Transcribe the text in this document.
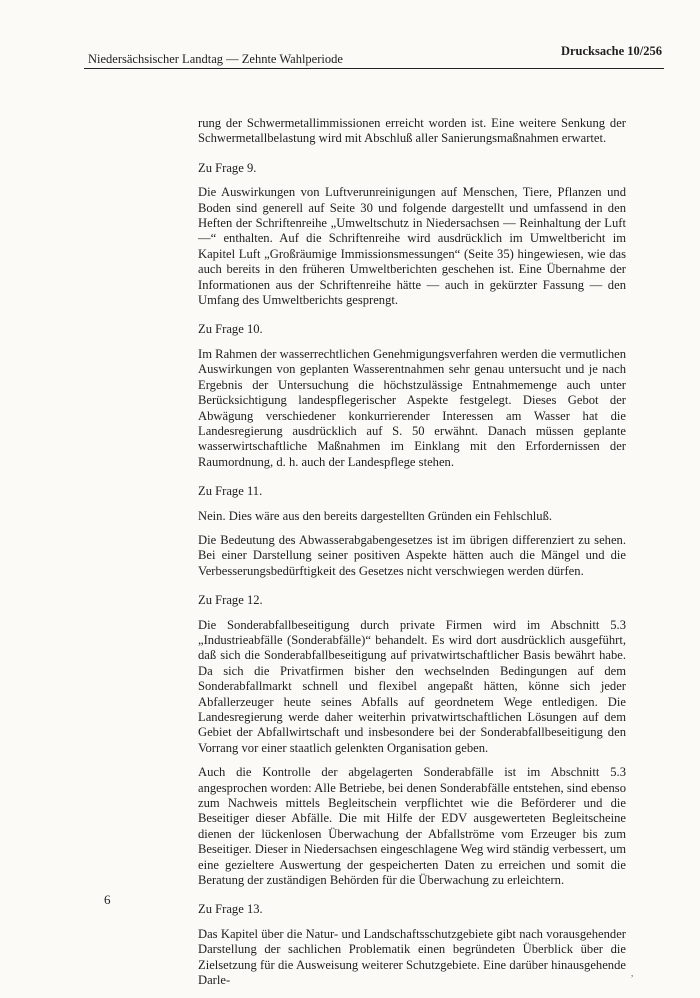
Niedersächsischer Landtag — Zehnte Wahlperiode
Drucksache 10/256

rung der Schwermetallimmissionen erreicht worden ist. Eine weitere Senkung der Schwermetallbelastung wird mit Abschluß aller Sanierungsmaßnahmen erwartet.

Zu Frage 9.

Die Auswirkungen von Luftverunreinigungen auf Menschen, Tiere, Pflanzen und Boden sind generell auf Seite 30 und folgende dargestellt und umfassend in den Heften der Schriftenreihe „Umweltschutz in Niedersachsen — Reinhaltung der Luft —“ enthalten. Auf die Schriftenreihe wird ausdrücklich im Umweltbericht im Kapitel Luft „Großräumige Immissionsmessungen“ (Seite 35) hingewiesen, wie das auch bereits in den früheren Umweltberichten geschehen ist. Eine Übernahme der Informationen aus der Schriftenreihe hätte — auch in gekürzter Fassung — den Umfang des Umweltberichts gesprengt.

Zu Frage 10.

Im Rahmen der wasserrechtlichen Genehmigungsverfahren werden die vermutlichen Auswirkungen von geplanten Wasserentnahmen sehr genau untersucht und je nach Ergebnis der Untersuchung die höchstzulässige Entnahmemenge auch unter Berücksichtigung landespflegerischer Aspekte festgelegt. Dieses Gebot der Abwägung verschiedener konkurrierender Interessen am Wasser hat die Landesregierung ausdrücklich auf S. 50 erwähnt. Danach müssen geplante wasserwirtschaftliche Maßnahmen im Einklang mit den Erfordernissen der Raumordnung, d. h. auch der Landespflege stehen.

Zu Frage 11.

Nein. Dies wäre aus den bereits dargestellten Gründen ein Fehlschluß.

Die Bedeutung des Abwasserabgabengesetzes ist im übrigen differenziert zu sehen. Bei einer Darstellung seiner positiven Aspekte hätten auch die Mängel und die Verbesserungsbedürftigkeit des Gesetzes nicht verschwiegen werden dürfen.

Zu Frage 12.

Die Sonderabfallbeseitigung durch private Firmen wird im Abschnitt 5.3 „Industrieabfälle (Sonderabfälle)“ behandelt. Es wird dort ausdrücklich ausgeführt, daß sich die Sonderabfallbeseitigung auf privatwirtschaftlicher Basis bewährt habe. Da sich die Privatfirmen bisher den wechselnden Bedingungen auf dem Sonderabfallmarkt schnell und flexibel angepaßt hätten, könne sich jeder Abfallerzeuger heute seines Abfalls auf geordnetem Wege entledigen. Die Landesregierung werde daher weiterhin privatwirtschaftlichen Lösungen auf dem Gebiet der Abfallwirtschaft und insbesondere bei der Sonderabfallbeseitigung den Vorrang vor einer staatlich gelenkten Organisation geben.

Auch die Kontrolle der abgelagerten Sonderabfälle ist im Abschnitt 5.3 angesprochen worden: Alle Betriebe, bei denen Sonderabfälle entstehen, sind ebenso zum Nachweis mittels Begleitschein verpflichtet wie die Beförderer und die Beseitiger dieser Abfälle. Die mit Hilfe der EDV ausgewerteten Begleitscheine dienen der lückenlosen Überwachung der Abfallströme vom Erzeuger bis zum Beseitiger. Dieser in Niedersachsen eingeschlagene Weg wird ständig verbessert, um eine gezieltere Auswertung der gespeicherten Daten zu erreichen und somit die Beratung der zuständigen Behörden für die Überwachung zu erleichtern.

Zu Frage 13.

Das Kapitel über die Natur- und Landschaftsschutzgebiete gibt nach vorausgehender Darstellung der sachlichen Problematik einen begründeten Überblick über die Zielsetzung für die Ausweisung weiterer Schutzgebiete. Eine darüber hinausgehende Darle-

6
,
